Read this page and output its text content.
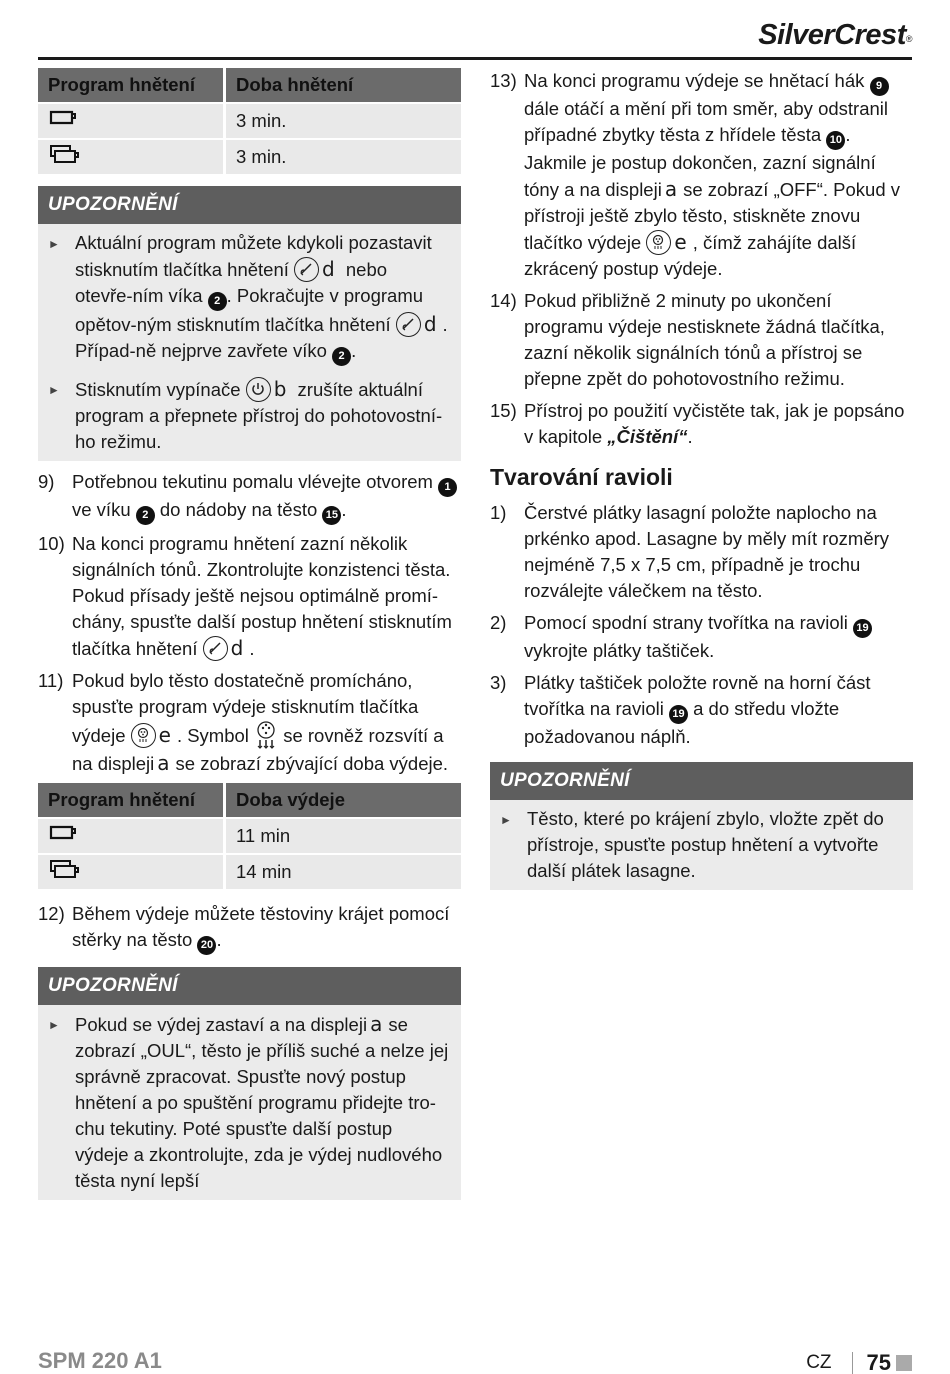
SilverCrest®
Program hnětení	Doba hnětení
	3 min.
	3 min.
UPOZORNĚNÍ
► Aktuální program můžete kdykoli pozastavit stisknutím tlačítka hnětení d nebo otevře-ním víka 2 . Pokračujte v programu opětov-ným stisknutím tlačítka hnětení d . Případ-ně nejprve zavřete víko 2 .
► Stisknutím vypínače b zrušíte aktuální program a přepnete přístroj do pohotovostní-ho režimu.
9) Potřebnou tekutinu pomalu vlévejte otvorem 1 ve víku 2 do nádoby na těsto 15 .
10) Na konci programu hnětení zazní několik signálních tónů. Zkontrolujte konzistenci těsta. Pokud přísady ještě nejsou optimálně promí-chány, spusťte další postup hnětení stisknutím tlačítka hnětení d .
11) Pokud bylo těsto dostatečně promícháno, spusťte program výdeje stisknutím tlačítka výdeje e . Symbol se rovněž rozsvítí a na displeji a se zobrazí zbývající doba výdeje.
Program hnětení	Doba výdeje
	11 min
	14 min
12) Během výdeje můžete těstoviny krájet pomocí stěrky na těsto 20 .
UPOZORNĚNÍ
► Pokud se výdej zastaví a na displeji a se zobrazí „OUL“, těsto je příliš suché a nelze jej správně zpracovat. Spusťte nový postup hnětení a po spuštění programu přidejte tro-chu tekutiny. Poté spusťte další postup výdeje a zkontrolujte, zda je výdej nudlového těsta nyní lepší
13) Na konci programu výdeje se hnětací hák 9 dále otáčí a mění při tom směr, aby odstranil případné zbytky těsta z hřídele těsta 10 . Jakmile je postup dokončen, zazní signální tóny a na displeji a se zobrazí „OFF“. Pokud v přístroji ještě zbylo těsto, stiskněte znovu tlačítko výdeje e , čímž zahájíte další zkrácený postup výdeje.
14) Pokud přibližně 2 minuty po ukončení programu výdeje nestisknete žádná tlačítka, zazní několik signálních tónů a přístroj se přepne zpět do pohotovostního režimu.
15) Přístroj po použití vyčistěte tak, jak je popsáno v kapitole „Čištění“.
Tvarování ravioli
1) Čerstvé plátky lasagní položte naplocho na prkénko apod. Lasagne by měly mít rozměry nejméně 7,5 x 7,5 cm, případně je trochu rozválejte válečkem na těsto.
2) Pomocí spodní strany tvořítka na ravioli 19 vykrojte plátky taštiček.
3) Plátky taštiček položte rovně na horní část tvořítka na ravioli 19 a do středu vložte požadovanou náplň.
UPOZORNĚNÍ
► Těsto, které po krájení zbylo, vložte zpět do přístroje, spusťte postup hnětení a vytvořte další plátek lasagne.
SPM 220 A1	CZ 75
